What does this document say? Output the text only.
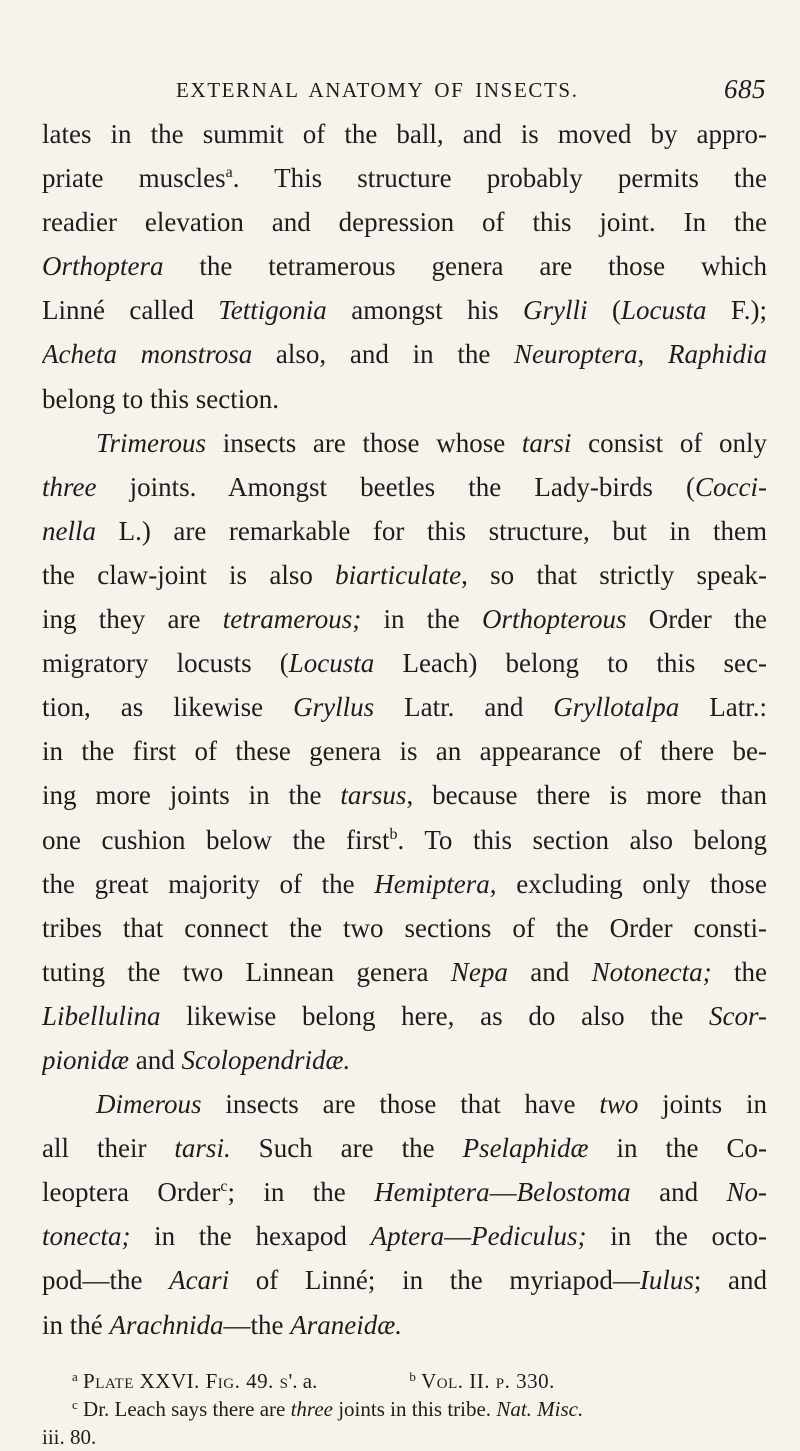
EXTERNAL ANATOMY OF INSECTS.	685
lates in the summit of the ball, and is moved by appro-
priate muscles$^a$. This structure probably permits the
readier elevation and depression of this joint. In the
Orthoptera the tetramerous genera are those which
Linné called Tettigonia amongst his Grylli (Locusta F.);
Acheta monstrosa also, and in the Neuroptera, Raphidia
belong to this section.
Trimerous insects are those whose tarsi consist of only
three joints. Amongst beetles the Lady-birds (Cocci-
nella L.) are remarkable for this structure, but in them
the claw-joint is also biarticulate, so that strictly speak-
ing they are tetramerous; in the Orthopterous Order the
migratory locusts (Locusta Leach) belong to this sec-
tion, as likewise Gryllus Latr. and Gryllotalpa Latr.:
in the first of these genera is an appearance of there be-
ing more joints in the tarsus, because there is more than
one cushion below the first$^b$. To this section also belong
the great majority of the Hemiptera, excluding only those
tribes that connect the two sections of the Order consti-
tuting the two Linnean genera Nepa and Notonecta; the
Libellulina likewise belong here, as do also the Scor-
pionidæ and Scolopendridæ.
Dimerous insects are those that have two joints in
all their tarsi. Such are the Pselaphidæ in the Co-
leoptera Order$^c$; in the Hemiptera—Belostoma and No-
tonecta; in the hexapod Aptera—Pediculus; in the octo-
pod—the Acari of Linné; in the myriapod—Iulus; and
in thé Arachnida—the Araneidæ.
$^a$ Plate XXVI. Fig. 49. s'. a.	$^b$ Vol. II. p. 330.
$^c$ Dr. Leach says there are three joints in this tribe. Nat. Misc.
iii. 80.
